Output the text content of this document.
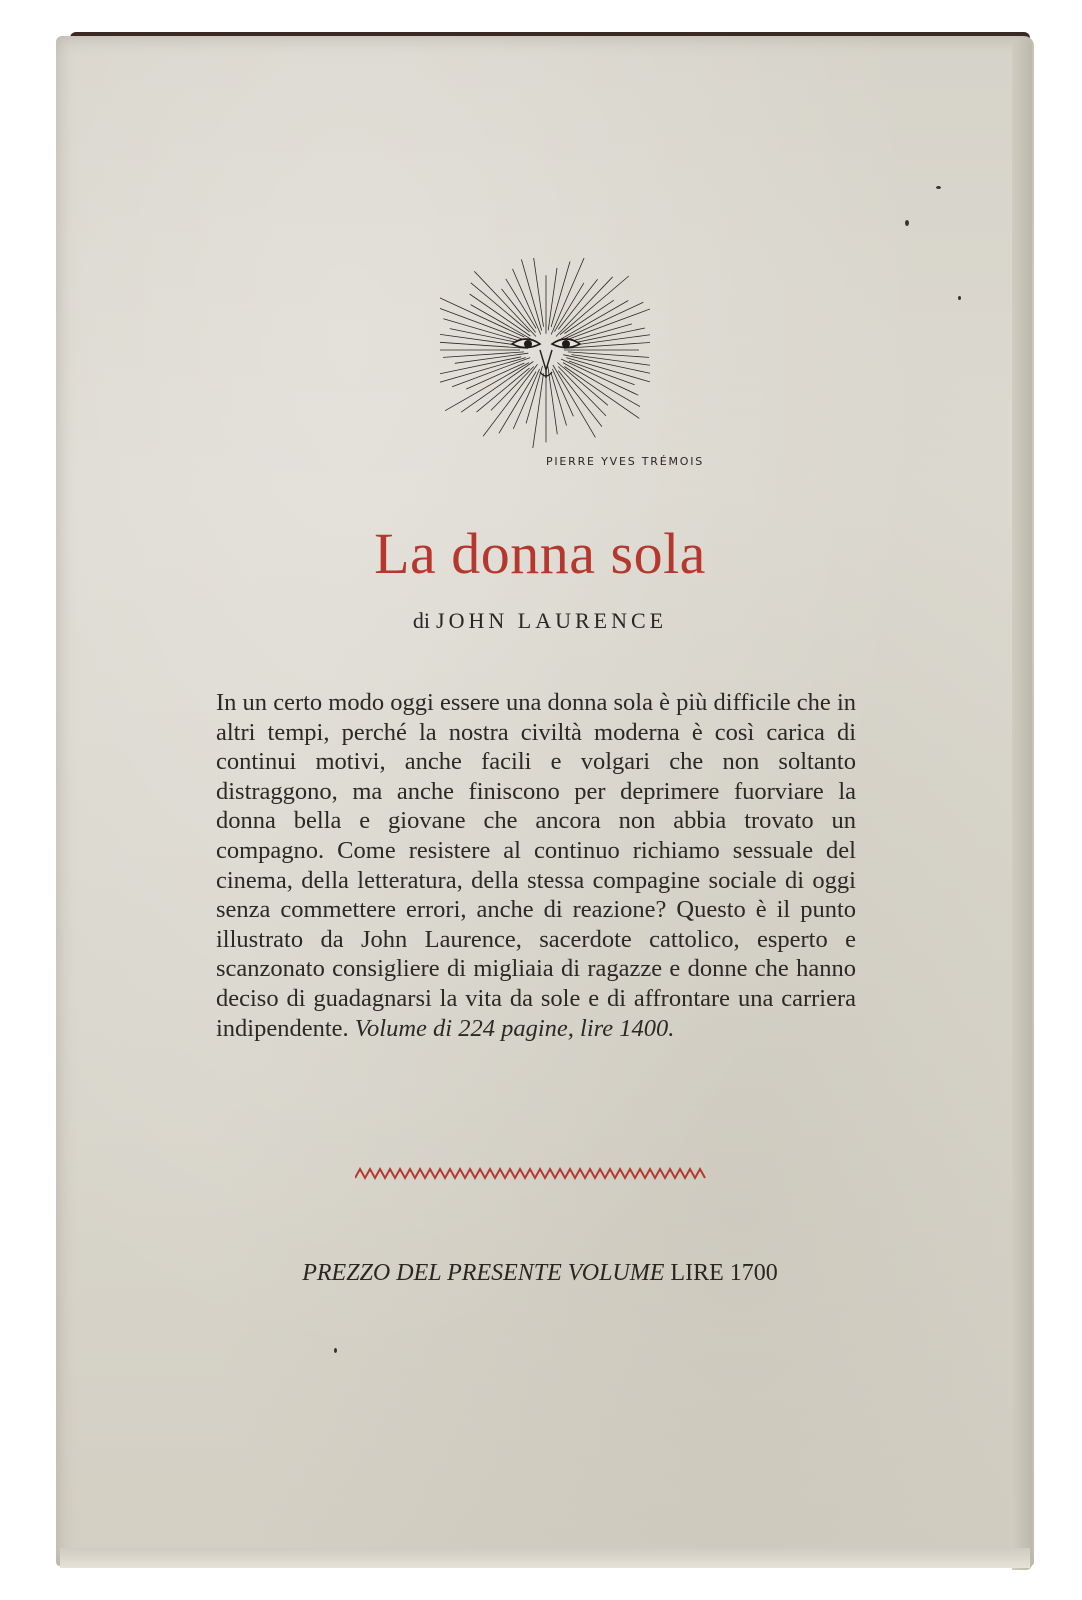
PIERRE YVES TRÉMOIS
La donna sola
di JOHN LAURENCE
In un certo modo oggi essere una donna sola è più difficile che in altri tempi, perché la nostra civiltà moderna è così carica di continui motivi, anche facili e volgari che non soltanto distraggono, ma anche finiscono per deprimere fuorviare la donna bella e giovane che ancora non abbia trovato un compagno. Come resistere al continuo richiamo sessuale del cinema, della letteratura, della stessa compagine sociale di oggi senza commettere errori, anche di reazione? Questo è il punto illustrato da John Laurence, sacerdote cattolico, esperto e scanzonato consigliere di migliaia di ragazze e donne che hanno deciso di guadagnarsi la vita da sole e di affrontare una carriera indipendente. Volume di 224 pagine, lire 1400.
PREZZO DEL PRESENTE VOLUME LIRE 1700
